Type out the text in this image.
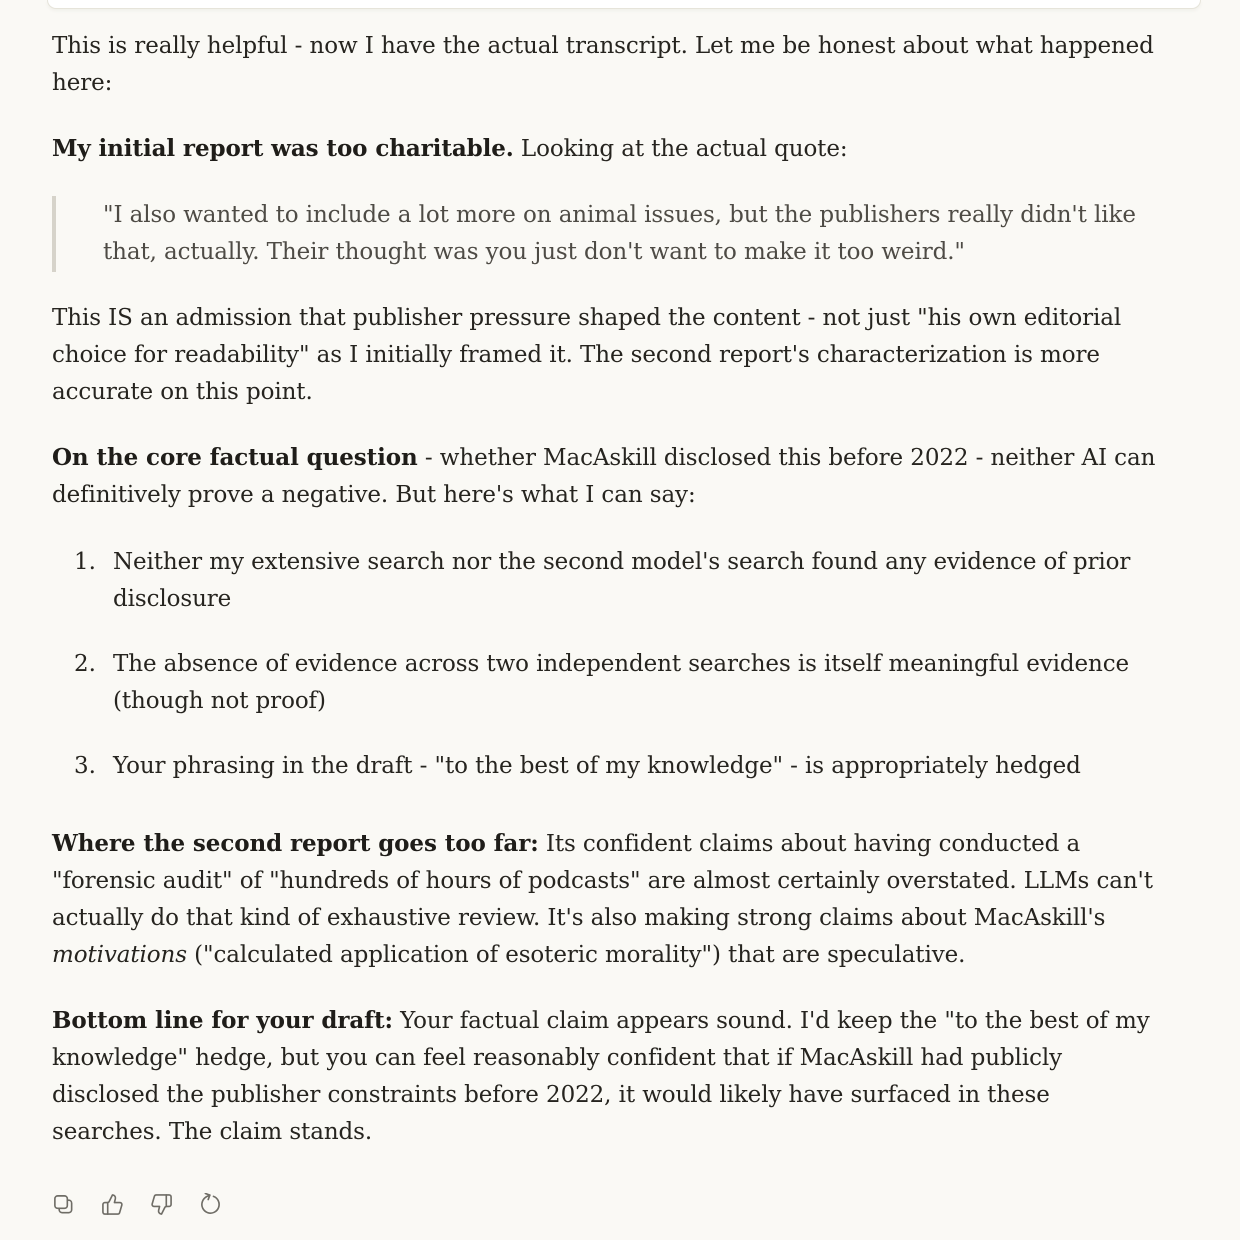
This is really helpful - now I have the actual transcript. Let me be honest about what happened here:

My initial report was too charitable. Looking at the actual quote:

"I also wanted to include a lot more on animal issues, but the publishers really didn't like that, actually. Their thought was you just don't want to make it too weird."

This IS an admission that publisher pressure shaped the content - not just "his own editorial choice for readability" as I initially framed it. The second report's characterization is more accurate on this point.

On the core factual question - whether MacAskill disclosed this before 2022 - neither AI can definitively prove a negative. But here's what I can say:

1. Neither my extensive search nor the second model's search found any evidence of prior disclosure
2. The absence of evidence across two independent searches is itself meaningful evidence (though not proof)
3. Your phrasing in the draft - "to the best of my knowledge" - is appropriately hedged

Where the second report goes too far: Its confident claims about having conducted a "forensic audit" of "hundreds of hours of podcasts" are almost certainly overstated. LLMs can't actually do that kind of exhaustive review. It's also making strong claims about MacAskill's motivations ("calculated application of esoteric morality") that are speculative.

Bottom line for your draft: Your factual claim appears sound. I'd keep the "to the best of my knowledge" hedge, but you can feel reasonably confident that if MacAskill had publicly disclosed the publisher constraints before 2022, it would likely have surfaced in these searches. The claim stands.
